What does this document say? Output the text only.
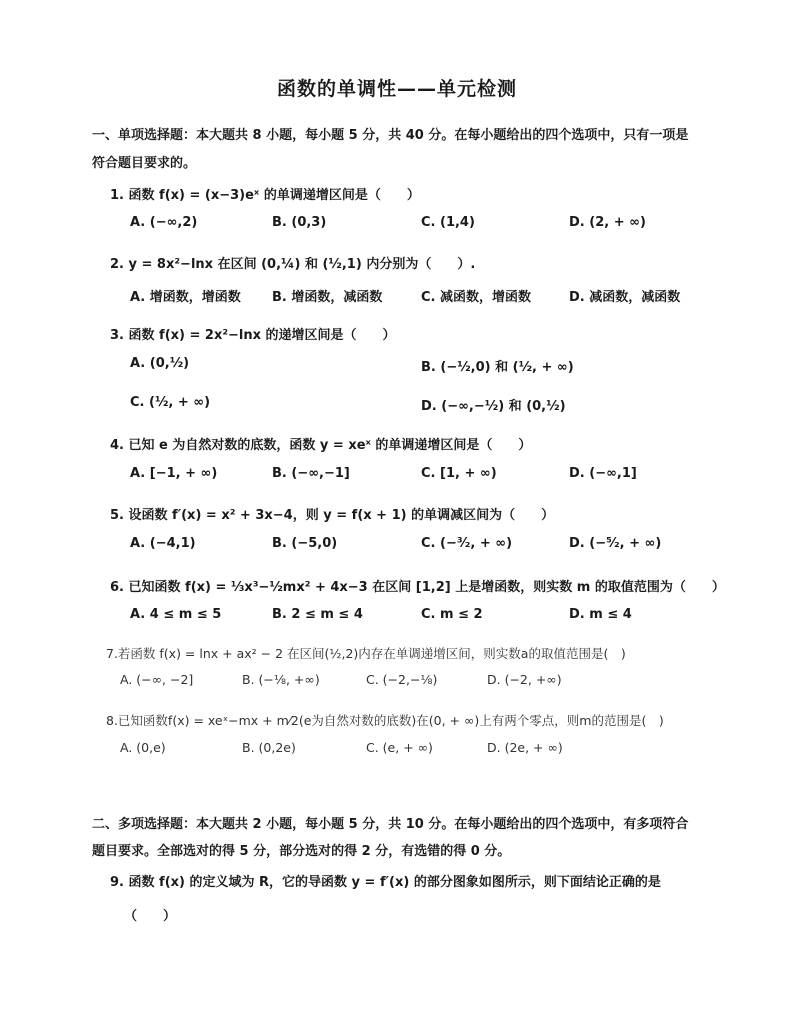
函数的单调性——单元检测
一、单项选择题：本大题共 8 小题，每小题 5 分，共 40 分。在每小题给出的四个选项中，只有一项是
符合题目要求的。
1. 函数 f(x) = (x−3)eˣ 的单调递增区间是（　　）
A. (−∞,2)	B. (0,3)	C. (1,4)	D. (2, + ∞)
2. y = 8x²−lnx 在区间 (0,¼) 和 (½,1) 内分别为（　　）.
A. 增函数，增函数 B. 增函数，减函数	C. 减函数，增函数	D. 减函数，减函数
3. 函数 f(x) = 2x²−lnx 的递增区间是（　　）
A. (0,½)	B. (−½,0) 和 (½, + ∞)
C. (½, + ∞)	D. (−∞,−½) 和 (0,½)
4. 已知 e 为自然对数的底数，函数 y = xeˣ 的单调递增区间是（　　）
A. [−1, + ∞)	B. (−∞,−1]	C. [1, + ∞)	D. (−∞,1]
5. 设函数 f′(x) = x² + 3x−4，则 y = f(x + 1) 的单调减区间为（　　）
A. (−4,1)	B. (−5,0)	C. (−³⁄₂, + ∞)	D. (−⁵⁄₂, + ∞)
6. 已知函数 f(x) = ⅓x³−½mx² + 4x−3 在区间 [1,2] 上是增函数，则实数 m 的取值范围为（　　）
A. 4 ≤ m ≤ 5	B. 2 ≤ m ≤ 4	C. m ≤ 2	D. m ≤ 4
7.若函数 f(x) = lnx + ax² − 2 在区间(½,2)内存在单调递增区间，则实数a的取值范围是(　)
A. (−∞, −2]	B. (−⅛, +∞)	C. (−2,−⅛)	D. (−2, +∞)
8.已知函数f(x) = xeˣ−mx + m⁄2(e为自然对数的底数)在(0, + ∞)上有两个零点，则m的范围是(　)
A. (0,e)	B. (0,2e)	C. (e, + ∞)	D. (2e, + ∞)
二、多项选择题：本大题共 2 小题，每小题 5 分，共 10 分。在每小题给出的四个选项中，有多项符合
题目要求。全部选对的得 5 分，部分选对的得 2 分，有选错的得 0 分。
9. 函数 f(x) 的定义域为 R，它的导函数 y = f′(x) 的部分图象如图所示，则下面结论正确的是
（　　）
